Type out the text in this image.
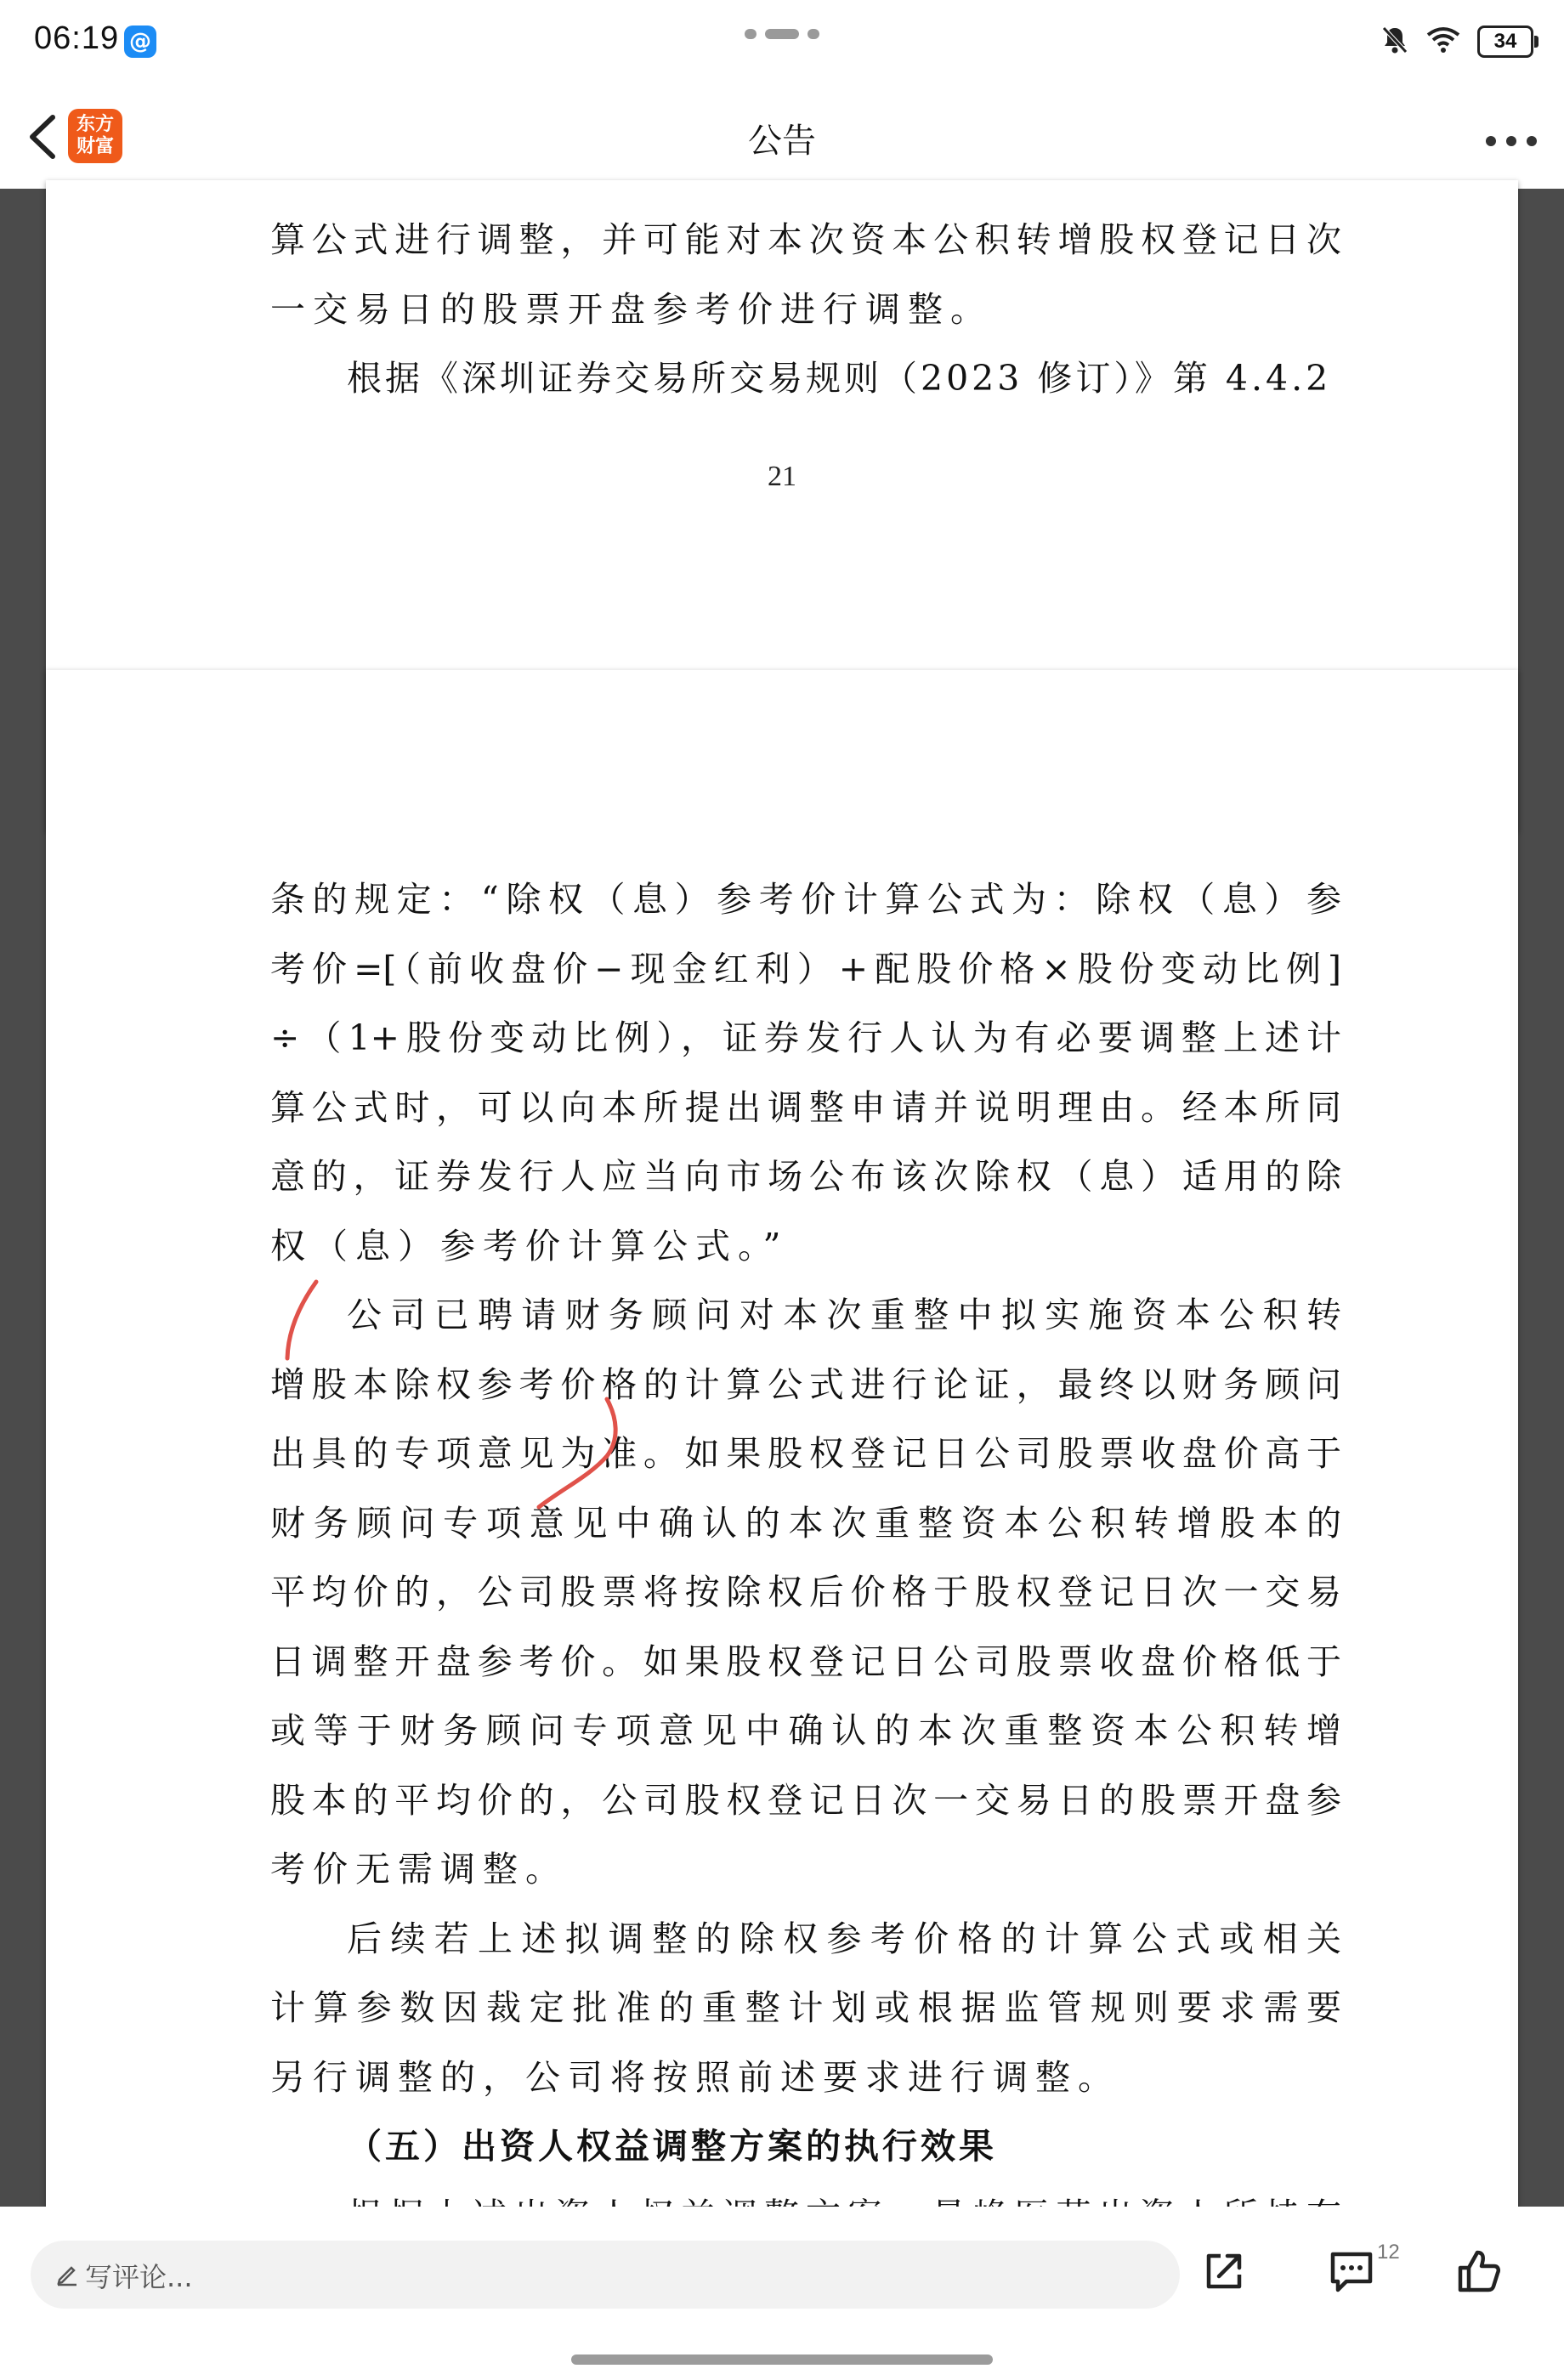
06:19 @	34
东方
财富	公告
算公式进行调整，并可能对本次资本公积转增股权登记日次
一交易日的股票开盘参考价进行调整。
根据《深圳证券交易所交易规则（2023 修订）》第 4.4.2
21
条的规定：“除权（息）参考价计算公式为：除权（息）参
考价=[（前收盘价−现金红利）+配股价格×股份变动比例]
÷（1+股份变动比例），证券发行人认为有必要调整上述计
算公式时，可以向本所提出调整申请并说明理由。经本所同
意的，证券发行人应当向市场公布该次除权（息）适用的除
权（息）参考价计算公式。”
公司已聘请财务顾问对本次重整中拟实施资本公积转
增股本除权参考价格的计算公式进行论证，最终以财务顾问
出具的专项意见为准。如果股权登记日公司股票收盘价高于
财务顾问专项意见中确认的本次重整资本公积转增股本的
平均价的，公司股票将按除权后价格于股权登记日次一交易
日调整开盘参考价。如果股权登记日公司股票收盘价格低于
或等于财务顾问专项意见中确认的本次重整资本公积转增
股本的平均价的，公司股权登记日次一交易日的股票开盘参
考价无需调整。
后续若上述拟调整的除权参考价格的计算公式或相关
计算参数因裁定批准的重整计划或根据监管规则要求需要
另行调整的，公司将按照前述要求进行调整。
（五）出资人权益调整方案的执行效果
写评论...
12
